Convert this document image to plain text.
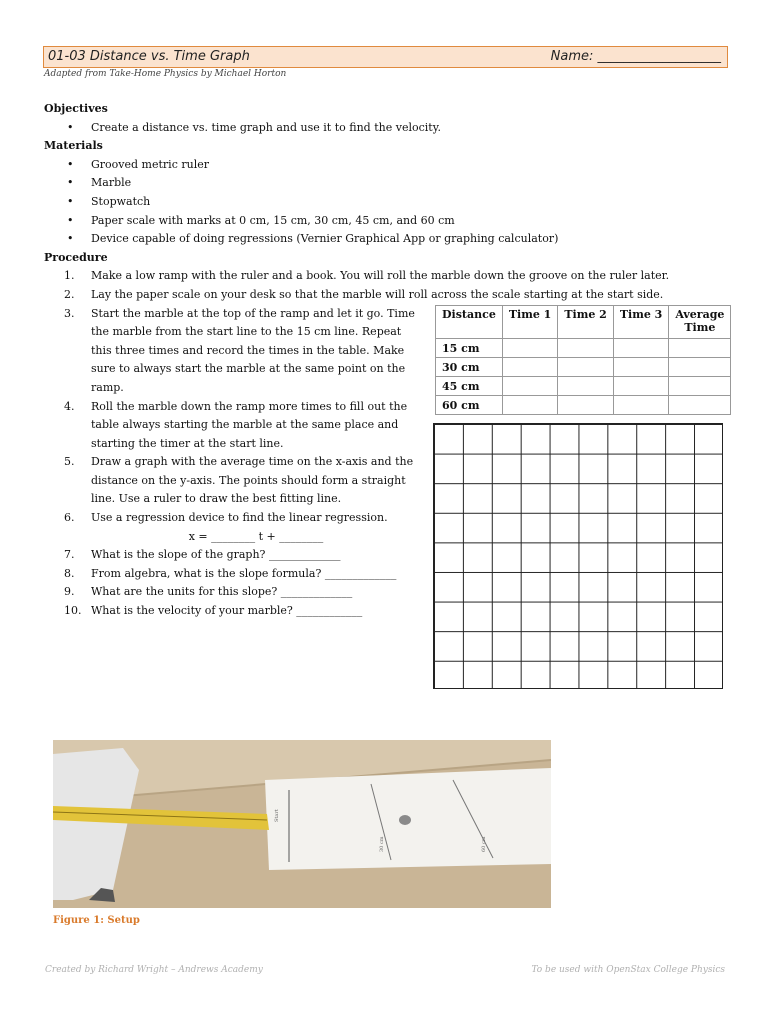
01-03 Distance vs. Time Graph	Name: ___________________
Adapted from Take-Home Physics by Michael Horton
Objectives
• Create a distance vs. time graph and use it to find the velocity.
Materials
• Grooved metric ruler
• Marble
• Stopwatch
• Paper scale with marks at 0 cm, 15 cm, 30 cm, 45 cm, and 60 cm
• Device capable of doing regressions (Vernier Graphical App or graphing calculator)
Procedure
1. Make a low ramp with the ruler and a book. You will roll the marble down the groove on the ruler later.
2. Lay the paper scale on your desk so that the marble will roll across the scale starting at the start side.
3. Start the marble at the top of the ramp and let it go. Time the marble from the start line to the 15 cm line. Repeat this three times and record the times in the table. Make sure to always start the marble at the same point on the ramp.
4. Roll the marble down the ramp more times to fill out the table always starting the marble at the same place and starting the timer at the start line.
5. Draw a graph with the average time on the x-axis and the distance on the y-axis. The points should form a straight line. Use a ruler to draw the best fitting line.
6. Use a regression device to find the linear regression.
x = ________ t + ________
7. What is the slope of the graph? _____________
8. From algebra, what is the slope formula? _____________
9. What are the units for this slope? _____________
10. What is the velocity of your marble? ____________
Distance	Time 1	Time 2	Time 3	Average Time
15 cm				
30 cm				
45 cm				
60 cm				
Start
30 cm	60 cm
Figure 1: Setup
Created by Richard Wright – Andrews Academy	To be used with OpenStax College Physics
